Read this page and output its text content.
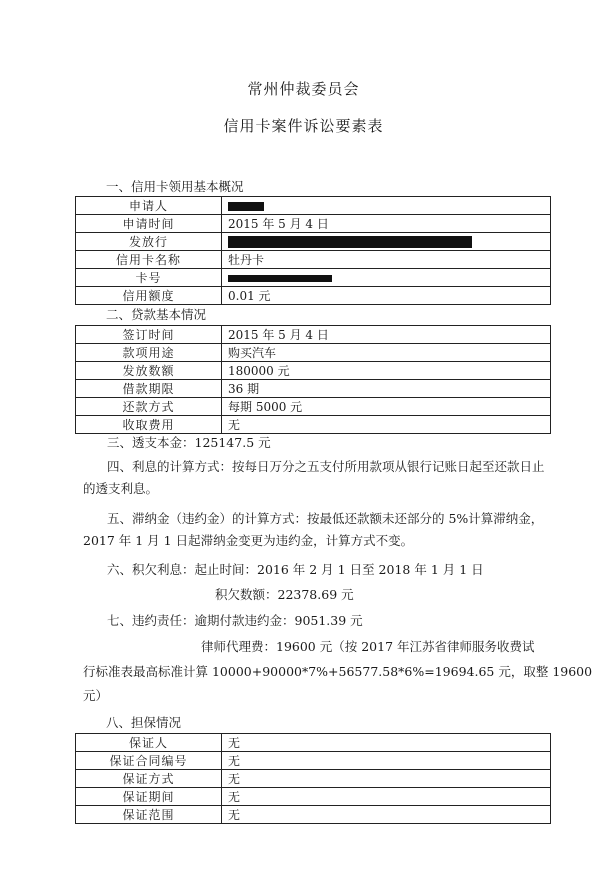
常州仲裁委员会
信用卡案件诉讼要素表
一、信用卡领用基本概况
申请人	
申请时间	2015 年 5 月 4 日
发放行	
信用卡名称	牡丹卡
卡号	
信用额度	0.01 元
二、贷款基本情况
签订时间	2015 年 5 月 4 日
款项用途	购买汽车
发放数额	180000 元
借款期限	36 期
还款方式	每期 5000 元
收取费用	无
三、透支本金：125147.5 元
四、利息的计算方式：按每日万分之五支付所用款项从银行记账日起至还款日止的透支利息。
五、滞纳金（违约金）的计算方式：按最低还款额未还部分的 5%计算滞纳金，2017 年 1 月 1 日起滞纳金变更为违约金，计算方式不变。
六、积欠利息：起止时间：2016 年 2 月 1 日至 2018 年 1 月 1 日
积欠数额：22378.69 元
七、违约责任：逾期付款违约金：9051.39 元
律师代理费：19600 元（按 2017 年江苏省律师服务收费试
行标准表最高标准计算 10000+90000*7%+56577.58*6%=19694.65 元，取整 19600
元）
八、担保情况
保证人	无
保证合同编号	无
保证方式	无
保证期间	无
保证范围	无
